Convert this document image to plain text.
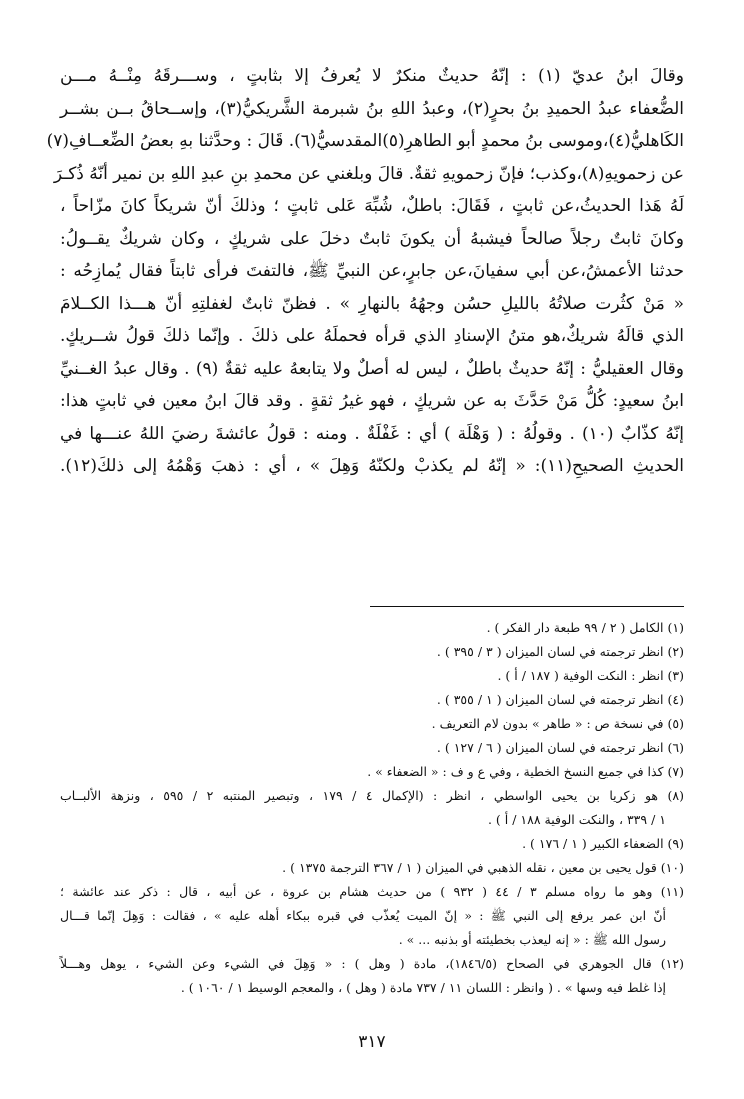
وقالَ ابنُ عديّ (١) : إنّهُ حديثٌ منكرٌ لا يُعرفُ إلا بثابتٍ ، وســـرقَهُ مِنْــهُ مـــن
الضُّعفاء عبدُ الحميدِ بنُ بحرٍ(٢)، وعبدُ اللهِ بنُ شبرمة الشَّريكيُّ(٣)، وإســحاقُ بــن بشــر
الكَاهليُّ(٤)،وموسى بنُ محمدٍ أبو الطاهرِ(٥)المقدسيُّ(٦). قَالَ : وحدَّثنا بهِ بعضُ الضِّعــافِ(٧)
عن زحمويهِ(٨)،وكذب؛ فإنّ زحمويهِ ثقةٌ. قالَ وبلغني عن محمدِ بنِ عبدِ اللهِ بن نمير أنّهُ ذُكـرَ
لَهُ هَذا الحديثُ،عن ثابتٍ ، فَقَالَ: باطلٌ، شُبِّهَ عَلى ثابتٍ ؛ وذلكَ أنّ شريكاً كانَ مزّاحاً ،
وكانَ ثابتٌ رجلاً صالحاً فيشبهُ أن يكونَ ثابتٌ دخلَ على شريكٍ ، وكان شريكٌ يقــولُ:
حدثنا الأعمشُ،عن أبي سفيانَ،عن جابرٍ،عن النبيِّ ﷺ، فالتفتَ فرأى ثابتاً فقال يُمازِحُه :
« مَنْ كثُرت صلاتُهُ بالليلِ حسُن وجهُهُ بالنهارِ » . فظنّ ثابتٌ لغفلتِهِ أنّ هـــذا الكــلامَ
الذي قالَهُ شريكٌ،هو متنُ الإسنادِ الذي قرأه فحملَهُ على ذلكَ . وإنّما ذلكَ قولُ شــريكٍ.
وقال العقيليُّ : إنّهُ حديثٌ باطلٌ ، ليس له أصلٌ ولا يتابعهُ عليه ثقةٌ (٩) . وقال عبدُ الغــنيِّ
ابنُ سعيدٍ: كُلُّ مَنْ حَدَّثَ به عن شريكٍ ، فهو غيرُ ثقةٍ . وقد قالَ ابنُ معين في ثابتٍ هذا:
إنّهُ كذّابٌ (١٠) . وقولُهُ : ( وَهْلَة ) أي : غَفْلَةٌ . ومنه : قولُ عائشةَ رضيَ اللهُ عنـــها في
الحديثِ الصحيحِ(١١): « إنّهُ لم يكذبْ ولكنّهُ وَهِلَ » ، أي : ذهبَ وَهْمُهُ إلى ذلكَ(١٢).
(١) الكامل ( ٢ / ٩٩ طبعة دار الفكر ) .
(٢) انظر ترجمته في لسان الميزان ( ٣ / ٣٩٥ ) .
(٣) انظر : النكت الوفية ( ١٨٧ / أ ) .
(٤) انظر ترجمته في لسان الميزان ( ١ / ٣٥٥ ) .
(٥) في نسخة ص : « طاهر » بدون لام التعريف .
(٦) انظر ترجمته في لسان الميزان ( ٦ / ١٢٧ ) .
(٧) كذا في جميع النسخ الخطية ، وفي ع و ف : « الضعفاء » .
(٨) هو زكريا بن يحيى الواسطي ، انظر : (الإكمال ٤ / ١٧٩ ، وتبصير المنتبه ٢ / ٥٩٥ ، ونزهة الألبــاب
١ / ٣٣٩ ، والنكت الوفية ١٨٨ / أ ) .
(٩) الضعفاء الكبير ( ١ / ١٧٦ ) .
(١٠) قول يحيى بن معين ، نقله الذهبي في الميزان ( ١ / ٣٦٧ الترجمة ١٣٧٥ ) .
(١١) وهو ما رواه مسلم ٣ / ٤٤ ( ٩٣٢ ) من حديث هشام بن عروة ، عن أبيه ، قال : ذكر عند عائشة ؛
أنّ ابن عمر يرفع إلى النبي ﷺ : « إنّ الميت يُعذّب في قبره ببكاء أهله عليه » ، فقالت : وَهِلَ إنّما قـــال
رسول الله ﷺ : « إنه ليعذب بخطيئته أو بذنبه ... » .
(١٢) قال الجوهري في الصحاح (١٨٤٦/٥)، مادة ( وهل ) : « وَهِلَ في الشيء وعن الشيء ، يوهل وهـــلاً
إذا غلط فيه وسها » . ( وانظر : اللسان ١١ / ٧٣٧ مادة ( وهل ) ، والمعجم الوسيط ١ / ١٠٦٠ ) .
٣١٧
